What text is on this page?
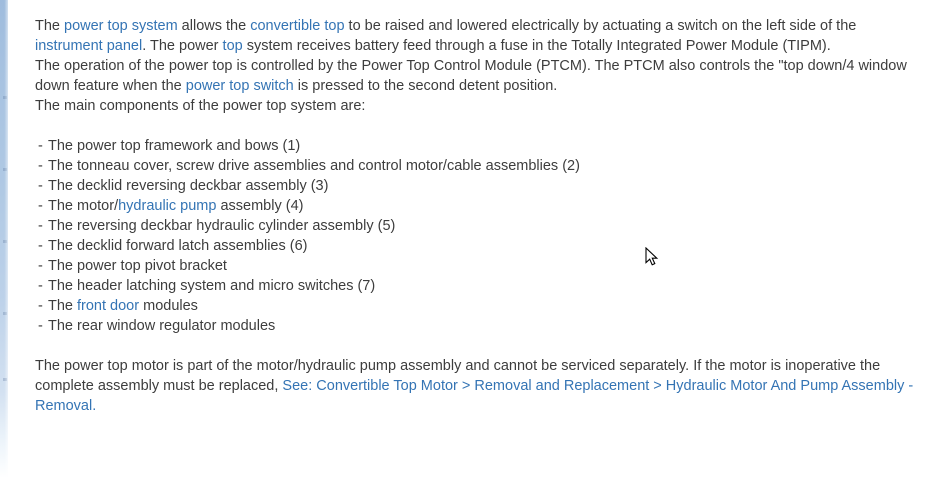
The power top system allows the convertible top to be raised and lowered electrically by actuating a switch on the left side of the instrument panel. The power top system receives battery feed through a fuse in the Totally Integrated Power Module (TIPM).

The operation of the power top is controlled by the Power Top Control Module (PTCM). The PTCM also controls the "top down/4 window down feature when the power top switch is pressed to the second detent position.

The main components of the power top system are:

- The power top framework and bows (1)
- The tonneau cover, screw drive assemblies and control motor/cable assemblies (2)
- The decklid reversing deckbar assembly (3)
- The motor/hydraulic pump assembly (4)
- The reversing deckbar hydraulic cylinder assembly (5)
- The decklid forward latch assemblies (6)
- The power top pivot bracket
- The header latching system and micro switches (7)
- The front door modules
- The rear window regulator modules

The power top motor is part of the motor/hydraulic pump assembly and cannot be serviced separately. If the motor is inoperative the complete assembly must be replaced, See: Convertible Top Motor > Removal and Replacement > Hydraulic Motor And Pump Assembly - Removal.
